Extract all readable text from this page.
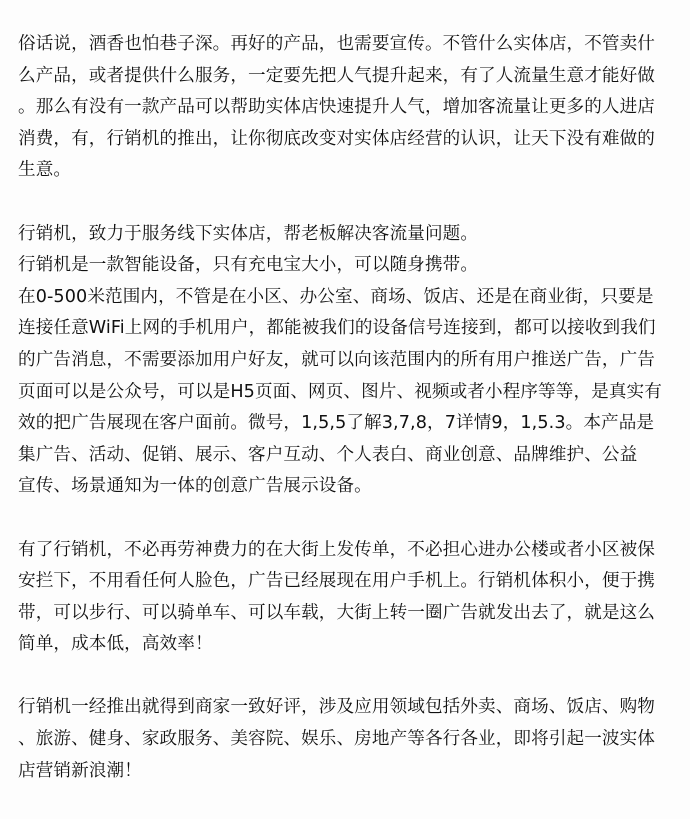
俗话说，酒香也怕巷子深。再好的产品，也需要宣传。不管什么实体店，不管卖什
么产品，或者提供什么服务，一定要先把人气提升起来，有了人流量生意才能好做
。那么有没有一款产品可以帮助实体店快速提升人气，增加客流量让更多的人进店
消费，有，行销机的推出，让你彻底改变对实体店经营的认识，让天下没有难做的
生意。
行销机，致力于服务线下实体店，帮老板解决客流量问题。
行销机是一款智能设备，只有充电宝大小，可以随身携带。
在0-500米范围内，不管是在小区、办公室、商场、饭店、还是在商业街，只要是
连接任意WiFi上网的手机用户，都能被我们的设备信号连接到，都可以接收到我们
的广告消息，不需要添加用户好友，就可以向该范围内的所有用户推送广告，广告
页面可以是公众号，可以是H5页面、网页、图片、视频或者小程序等等，是真实有
效的把广告展现在客户面前。微号，1,5,5了解3,7,8，7详情9，1,5.3。本产品是
集广告、活动、促销、展示、客户互动、个人表白、商业创意、品牌维护、公益
宣传、场景通知为一体的创意广告展示设备。
有了行销机，不必再劳神费力的在大街上发传单，不必担心进办公楼或者小区被保
安拦下，不用看任何人脸色，广告已经展现在用户手机上。行销机体积小，便于携
带，可以步行、可以骑单车、可以车载，大街上转一圈广告就发出去了，就是这么
简单，成本低，高效率！
行销机一经推出就得到商家一致好评，涉及应用领域包括外卖、商场、饭店、购物
、旅游、健身、家政服务、美容院、娱乐、房地产等各行各业，即将引起一波实体
店营销新浪潮！
